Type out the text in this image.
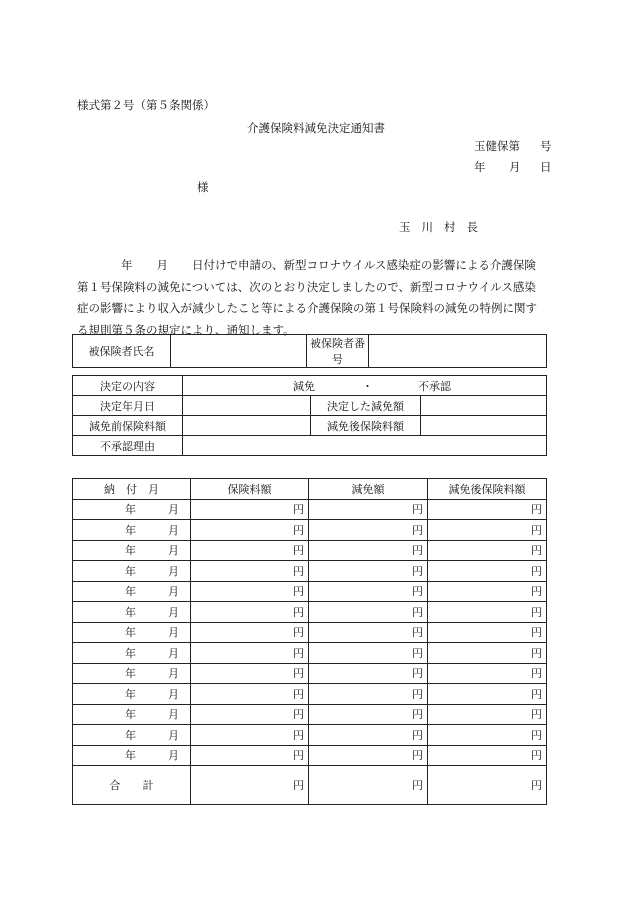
様式第２号（第５条関係）
介護保険料減免決定通知書
玉健保第 号
年 月 日
様
玉川村長
年 月 日付けで申請の、新型コロナウイルス感染症の影響による介護保険第１号保険料の減免については、次のとおり決定しましたので、新型コロナウイルス感染症の影響により収入が減少したこと等による介護保険の第１号保険料の減免の特例に関する規則第５条の規定により、通知します。
被保険者氏名		被保険者番号	
決定の内容	減免 ・ 不承認		
決定年月日		決定した減免額	
減免前保険料額		減免後保険料額	
不承認理由			
納　付　月	保険料額	減免額	減免後保険料額
年 月	円	円	円
年 月	円	円	円
年 月	円	円	円
年 月	円	円	円
年 月	円	円	円
年 月	円	円	円
年 月	円	円	円
年 月	円	円	円
年 月	円	円	円
年 月	円	円	円
年 月	円	円	円
年 月	円	円	円
年 月	円	円	円
合　　計	円	円	円
